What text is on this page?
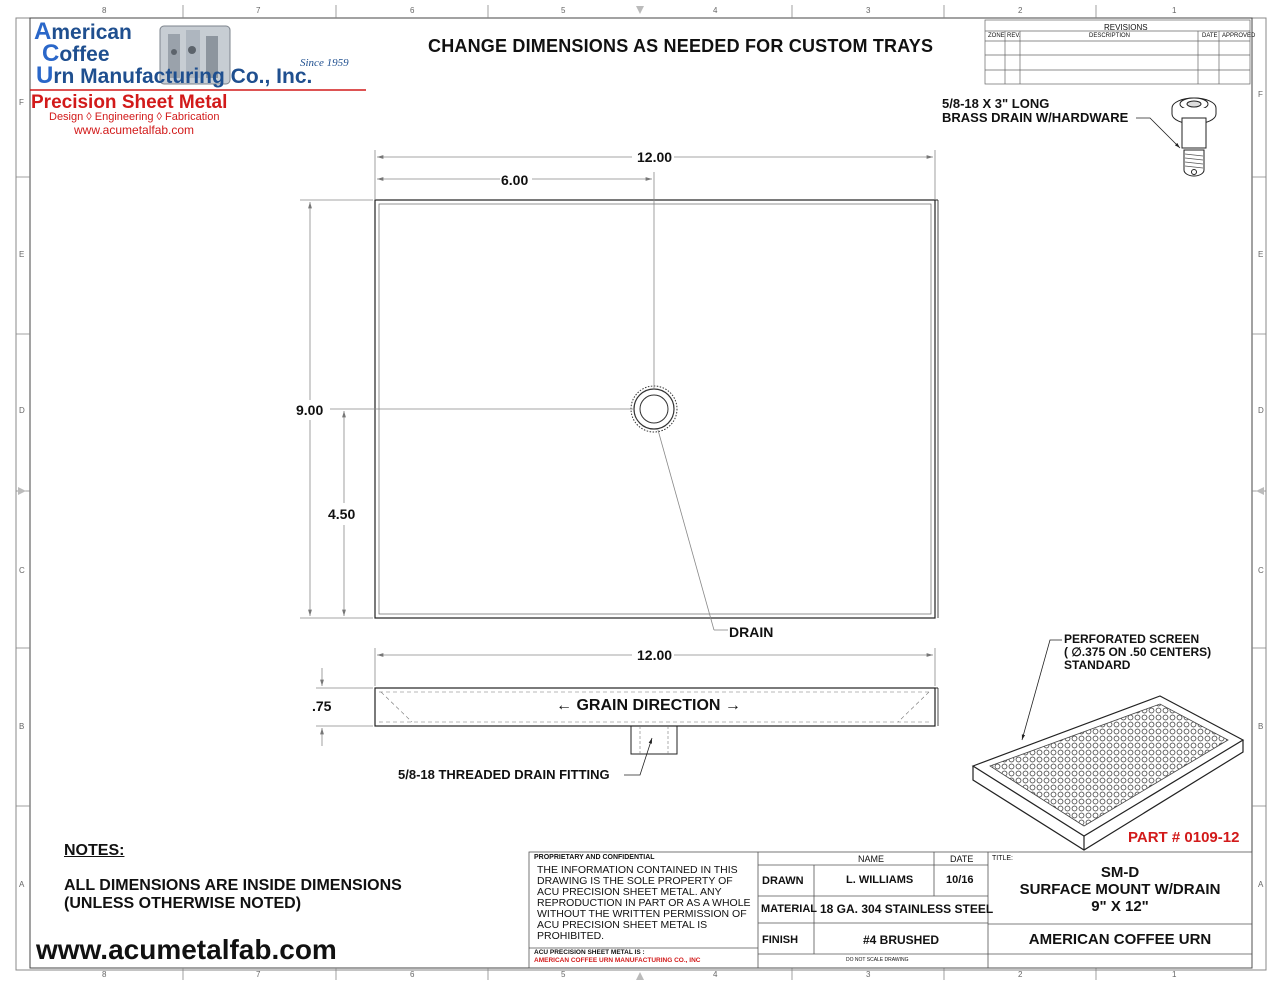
8	7	6	5	4	3	2	1
8	7	6	5	4	3	2	1
F
E
D
C
B
A
F
E
D
C
B
A
American
Coffee
Urn Manufacturing Co., Inc.
Since 1959
Precision Sheet Metal
Design ◊ Engineering ◊ Fabrication
www.acumetalfab.com
CHANGE DIMENSIONS AS NEEDED FOR CUSTOM TRAYS
REVISIONS
ZONE REV.	DESCRIPTION	DATE APPROVED
12.00
6.00
9.00
4.50
DRAIN
12.00
.75	← GRAIN DIRECTION →
5/8-18 THREADED DRAIN FITTING
5/8-18 X 3" LONG
BRASS DRAIN W/HARDWARE
PERFORATED SCREEN
( ∅.375 ON .50 CENTERS)
STANDARD
PART # 0109-12
NOTES:
ALL DIMENSIONS ARE INSIDE DIMENSIONS
(UNLESS OTHERWISE NOTED)
www.acumetalfab.com
PROPRIETARY AND CONFIDENTIAL
THE INFORMATION CONTAINED IN THIS
DRAWING IS THE SOLE PROPERTY OF
ACU PRECISION SHEET METAL. ANY
REPRODUCTION IN PART OR AS A WHOLE
WITHOUT THE WRITTEN PERMISSION OF
ACU PRECISION SHEET METAL IS
PROHIBITED.
ACU PRECISION SHEET METAL IS :
AMERICAN COFFEE URN MANUFACTURING CO., INC
NAME	DATE
DRAWN	L. WILLIAMS	10/16
MATERIAL 18 GA. 304 STAINLESS STEEL
FINISH	#4 BRUSHED
DO NOT SCALE DRAWING
TITLE:
SM-D
SURFACE MOUNT W/DRAIN
9" X 12"
AMERICAN COFFEE URN
